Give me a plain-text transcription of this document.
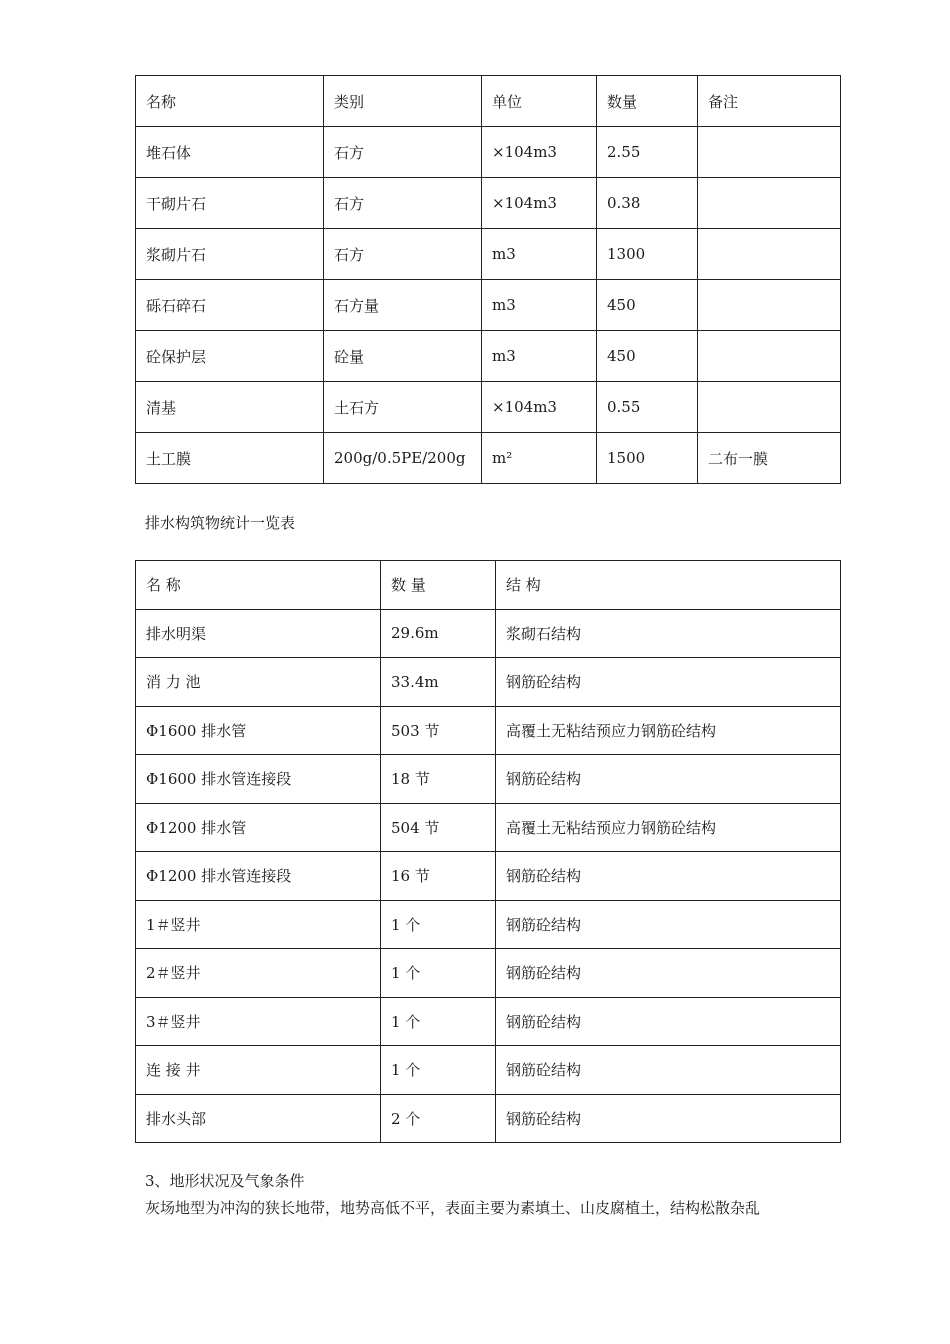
名称	类别	单位	数量	备注
堆石体	石方	×104m3	2.55	
干砌片石	石方	×104m3	0.38	
浆砌片石	石方	m3	1300	
砾石碎石	石方量	m3	450	
砼保护层	砼量	m3	450	
清基	土石方	×104m3	0.55	
土工膜	200g/0.5PE/200g	m²	1500	二布一膜
排水构筑物统计一览表
名 称	数 量	结 构
排水明渠	29.6m	浆砌石结构
消 力 池	33.4m	钢筋砼结构
Φ1600 排水管	503 节	高覆土无粘结预应力钢筋砼结构
Φ1600 排水管连接段	18 节	钢筋砼结构
Φ1200 排水管	504 节	高覆土无粘结预应力钢筋砼结构
Φ1200 排水管连接段	16 节	钢筋砼结构
1＃竖井	1 个	钢筋砼结构
2＃竖井	1 个	钢筋砼结构
3＃竖井	1 个	钢筋砼结构
连 接 井	1 个	钢筋砼结构
排水头部	2 个	钢筋砼结构
3、地形状况及气象条件
灰场地型为冲沟的狭长地带，地势高低不平，表面主要为素填土、山皮腐植土，结构松散杂乱
